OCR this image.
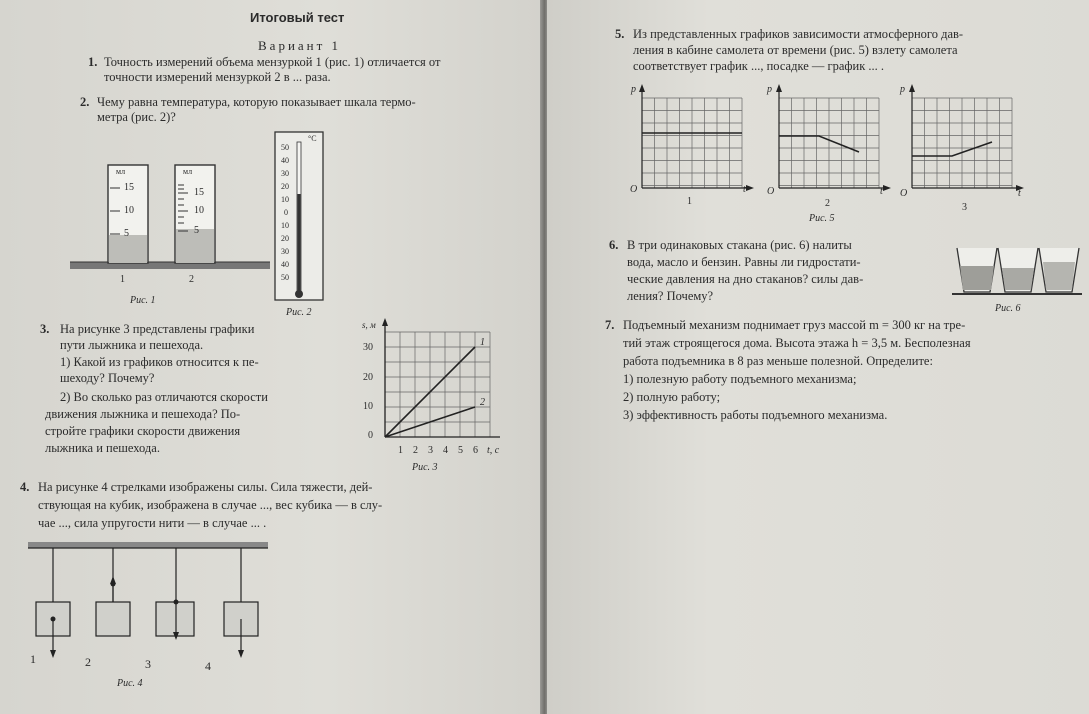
Итоговый тест
Вариант 1
1. Точность измерений объема мензуркой 1 (рис. 1) отличается от
точности измерений мензуркой 2 в ... раза.
2. Чему равна температура, которую показывает шкала термо-
метра (рис. 2)?
мл	мл
15
10
5
15
10
5
1	2
Рис. 1
°C
50
40
30
20
10
0
10
20
30
40
50
Рис. 2
3. На рисунке 3 представлены графики
пути лыжника и пешехода.
1) Какой из графиков относится к пе-
шеходу? Почему?
2) Во сколько раз отличаются скорости
движения лыжника и пешехода? По-
стройте графики скорости движения
лыжника и пешехода.
s, м
30
20
10
0
1 2 3 4 5 6 t, c
1
2
Рис. 3
4. На рисунке 4 стрелками изображены силы. Сила тяжести, дей-
ствующая на кубик, изображена в случае ..., вес кубика — в слу-
чае ..., сила упругости нити — в случае ... .
1	2	3	4
Рис. 4
5. Из представленных графиков зависимости атмосферного дав-
ления в кабине самолета от времени (рис. 5) взлету самолета
соответствует график ..., посадке — график ... .
p	p	p
O	O	O
t	t	t
1	2	3
Рис. 5
6. В три одинаковых стакана (рис. 6) налиты
вода, масло и бензин. Равны ли гидростати-
ческие давления на дно стаканов? силы дав-
ления? Почему?
Рис. 6
7. Подъемный механизм поднимает груз массой m = 300 кг на тре-
тий этаж строящегося дома. Высота этажа h = 3,5 м. Бесполезная
работа подъемника в 8 раз меньше полезной. Определите:
1) полезную работу подъемного механизма;
2) полную работу;
3) эффективность работы подъемного механизма.
